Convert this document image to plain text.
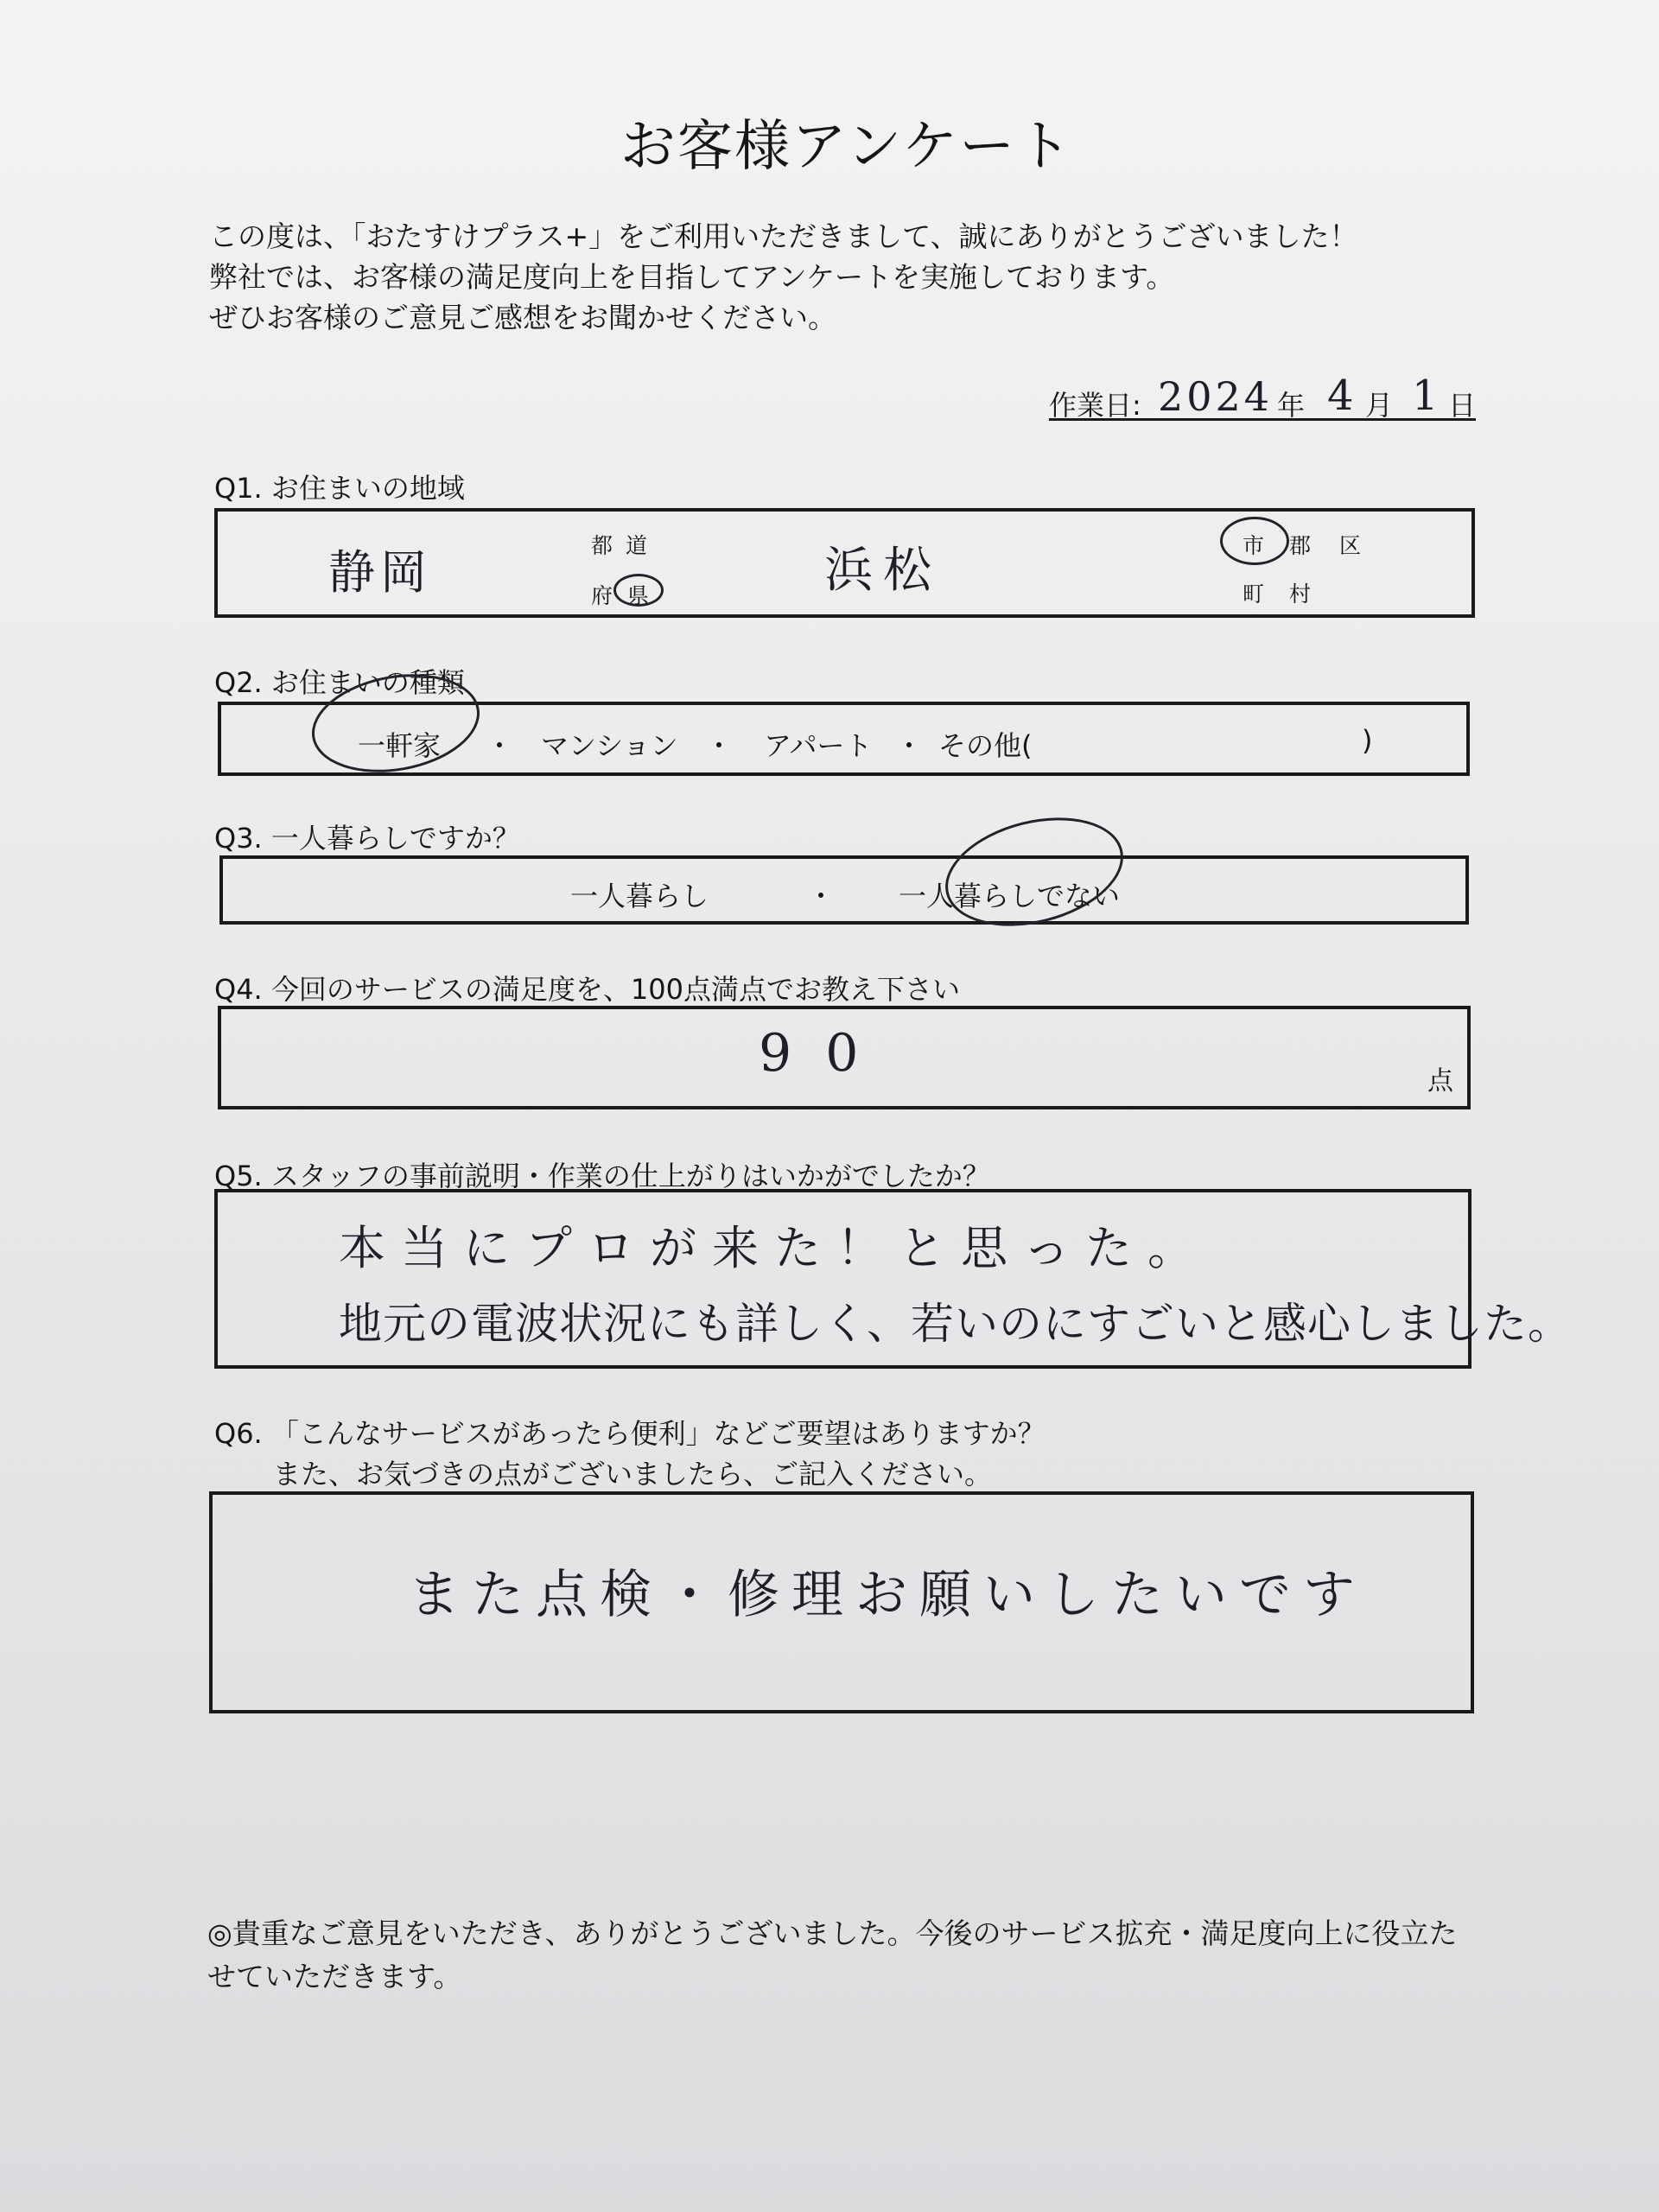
お客様アンケート
この度は、「おたすけプラス+」をご利用いただきまして、誠にありがとうございました！
弊社では、お客様の満足度向上を目指してアンケートを実施しております。
ぜひお客様のご意見ご感想をお聞かせください。
作業日: 2024 年 4 月 1 日
Q1. お住まいの地域
静岡	都 道
府 県	浜松	市 郡 区
町 村
Q2. お住まいの種類
一軒家 ・ マンション ・ アパート ・ その他(	)
Q3. 一人暮らしですか？
一人暮らし	・ 一人暮らしでない
Q4. 今回のサービスの満足度を、100点満点でお教え下さい
9 0	点
Q5. スタッフの事前説明・作業の仕上がりはいかがでしたか？
本当にプロが来た！と思った。
地元の電波状況にも詳しく、若いのにすごいと感心しました。
Q6. 「こんなサービスがあったら便利」などご要望はありますか？
また、お気づきの点がございましたら、ご記入ください。
また点検・修理お願いしたいです
◎貴重なご意見をいただき、ありがとうございました。今後のサービス拡充・満足度向上に役立た
せていただきます。
